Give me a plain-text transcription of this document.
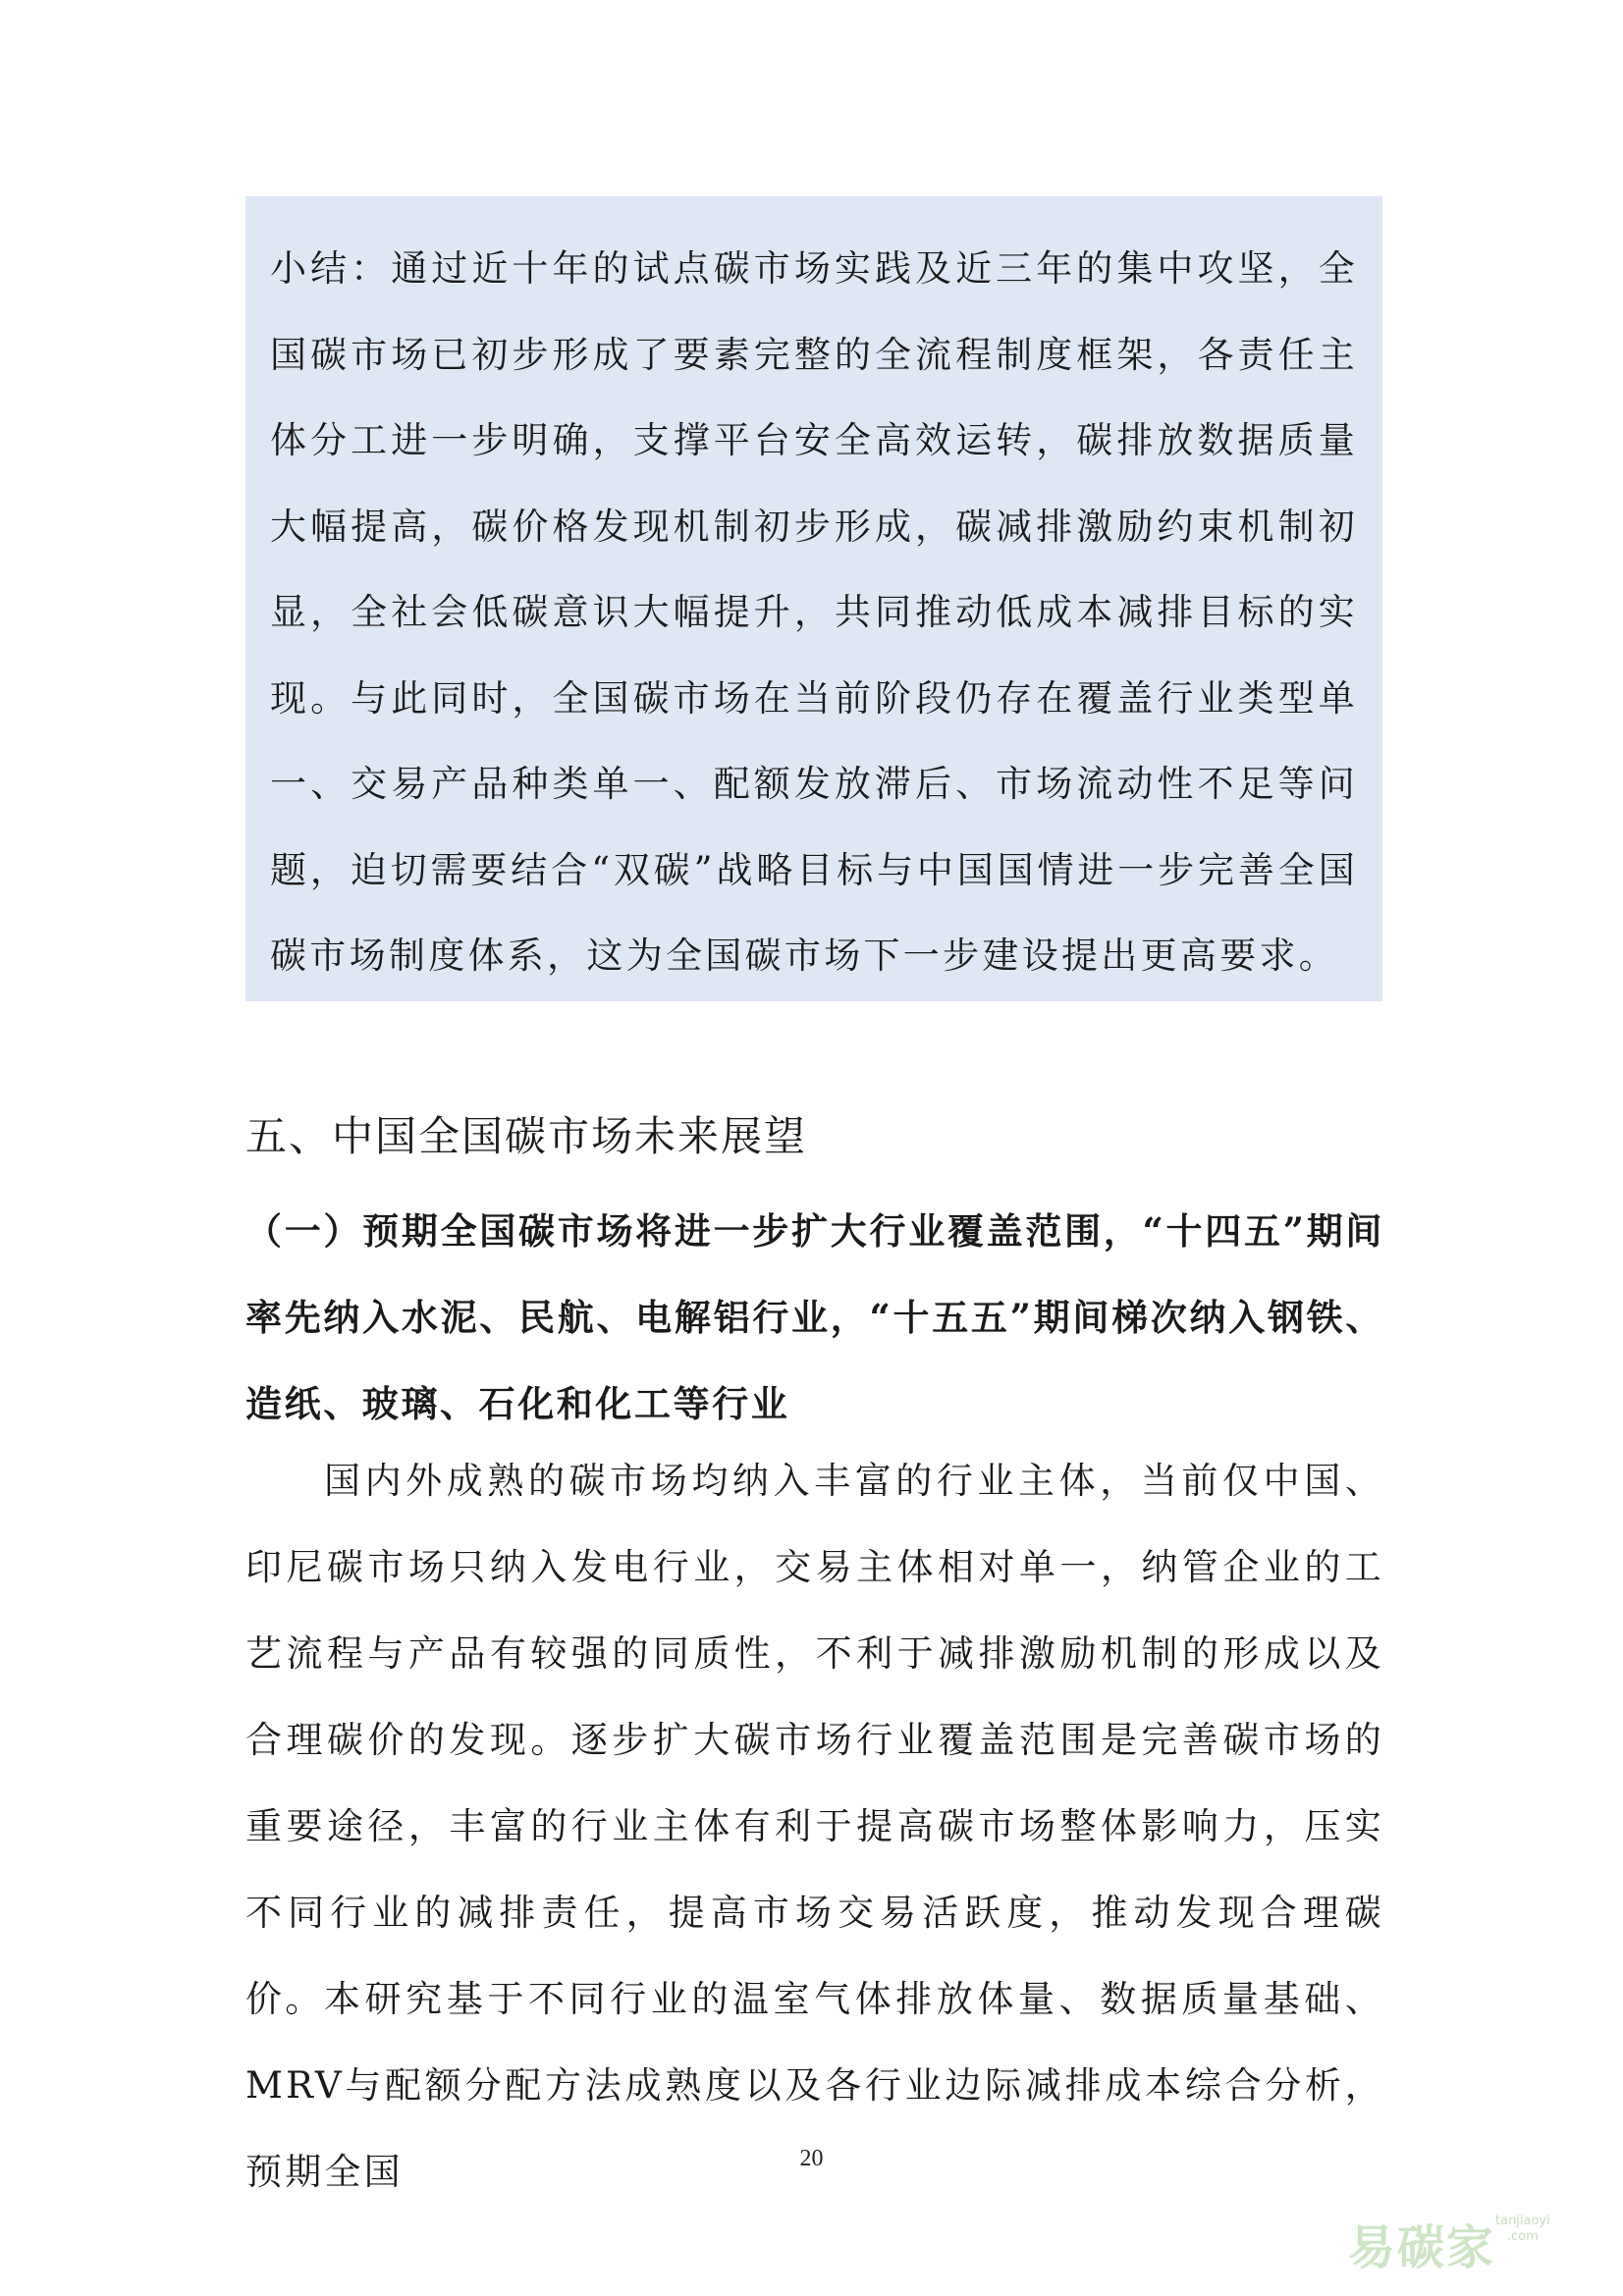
小结：通过近十年的试点碳市场实践及近三年的集中攻坚，全国碳市场已初步形成了要素完整的全流程制度框架，各责任主体分工进一步明确，支撑平台安全高效运转，碳排放数据质量大幅提高，碳价格发现机制初步形成，碳减排激励约束机制初显，全社会低碳意识大幅提升，共同推动低成本减排目标的实现。与此同时，全国碳市场在当前阶段仍存在覆盖行业类型单一、交易产品种类单一、配额发放滞后、市场流动性不足等问题，迫切需要结合“双碳”战略目标与中国国情进一步完善全国碳市场制度体系，这为全国碳市场下一步建设提出更高要求。

五、中国全国碳市场未来展望
（一）预期全国碳市场将进一步扩大行业覆盖范围，“十四五”期间率先纳入水泥、民航、电解铝行业，“十五五”期间梯次纳入钢铁、造纸、玻璃、石化和化工等行业

国内外成熟的碳市场均纳入丰富的行业主体，当前仅中国、印尼碳市场只纳入发电行业，交易主体相对单一，纳管企业的工艺流程与产品有较强的同质性，不利于减排激励机制的形成以及合理碳价的发现。逐步扩大碳市场行业覆盖范围是完善碳市场的重要途径，丰富的行业主体有利于提高碳市场整体影响力，压实不同行业的减排责任，提高市场交易活跃度，推动发现合理碳价。 本研究基于不同行业的温室气体排放体量、数据质量基础、MRV与配额分配方法成熟度以及各行业边际减排成本综合分析，预期全国	20
易碳家 tanjiaoyi
.com
